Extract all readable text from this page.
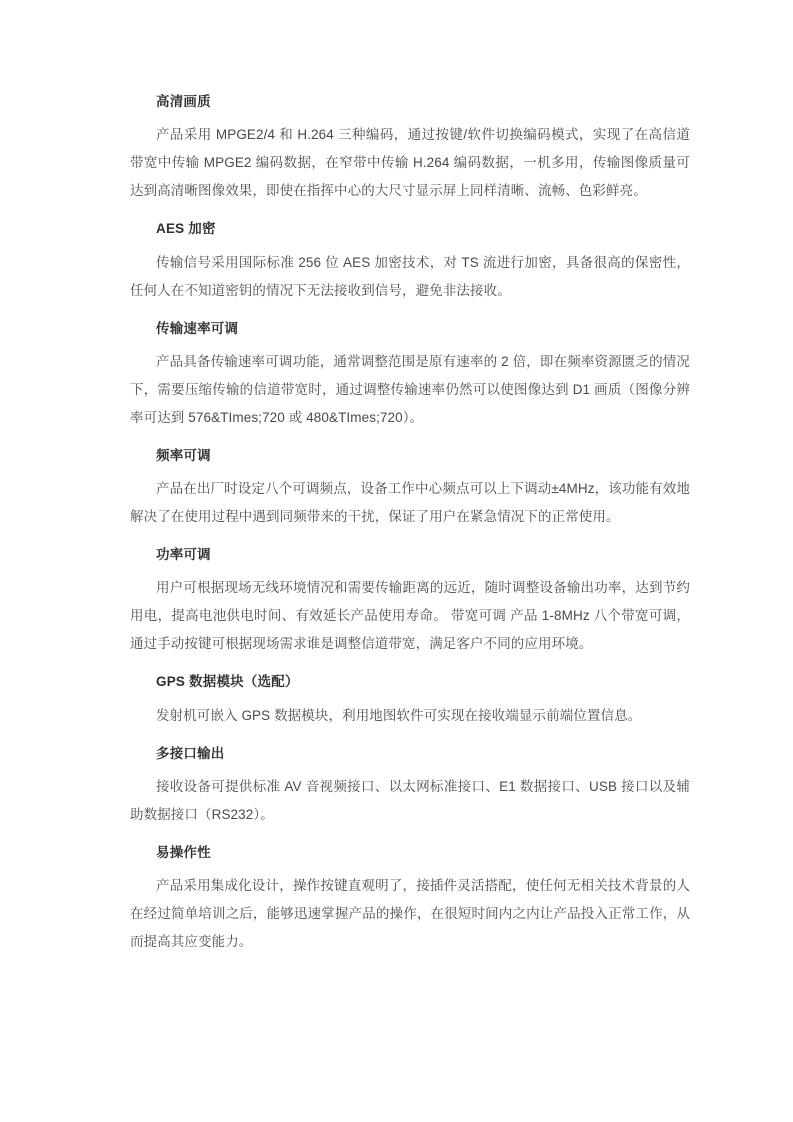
高清画质

产品采用 MPGE2/4 和 H.264 三种编码，通过按键/软件切换编码模式，实现了在高信道带宽中传输 MPGE2 编码数据，在窄带中传输 H.264 编码数据，一机多用，传输图像质量可达到高清晰图像效果，即使在指挥中心的大尺寸显示屏上同样清晰、流畅、色彩鲜亮。

AES 加密

传输信号采用国际标准 256 位 AES 加密技术，对 TS 流进行加密，具备很高的保密性，任何人在不知道密钥的情况下无法接收到信号，避免非法接收。

传输速率可调

产品具备传输速率可调功能，通常调整范围是原有速率的 2 倍，即在频率资源匮乏的情况下，需要压缩传输的信道带宽时，通过调整传输速率仍然可以使图像达到 D1 画质（图像分辨率可达到 576&TImes;720 或 480&TImes;720）。

频率可调

产品在出厂时设定八个可调频点，设备工作中心频点可以上下调动±4MHz，该功能有效地解决了在使用过程中遇到同频带来的干扰，保证了用户在紧急情况下的正常使用。

功率可调

用户可根据现场无线环境情况和需要传输距离的远近，随时调整设备输出功率，达到节约用电，提高电池供电时间、有效延长产品使用寿命。 带宽可调 产品 1-8MHz 八个带宽可调，通过手动按键可根据现场需求谁是调整信道带宽，满足客户不同的应用环境。

GPS 数据模块（选配）

发射机可嵌入 GPS 数据模块，利用地图软件可实现在接收端显示前端位置信息。

多接口输出

接收设备可提供标准 AV 音视频接口、以太网标准接口、E1 数据接口、USB 接口以及辅助数据接口（RS232）。

易操作性

产品采用集成化设计，操作按键直观明了，接插件灵活搭配，使任何无相关技术背景的人在经过简单培训之后，能够迅速掌握产品的操作，在很短时间内之内让产品投入正常工作，从而提高其应变能力。
